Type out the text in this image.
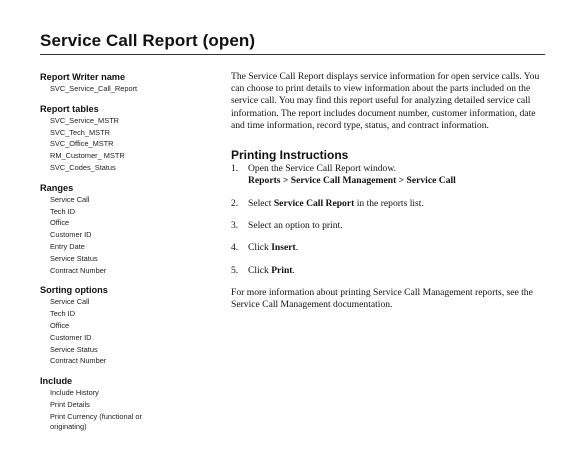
Service Call Report (open)
Report Writer name
SVC_Service_Call_Report
Report tables
SVC_Service_MSTR
SVC_Tech_MSTR
SVC_Office_MSTR
RM_Customer_ MSTR
SVC_Codes_Status
Ranges
Service Call
Tech ID
Office
Customer ID
Entry Date
Service Status
Contract Number
Sorting options
Service Call
Tech ID
Office
Customer ID
Service Status
Contract Number
Include
Include History
Print Details
Print Currency (functional or originating)

The Service Call Report displays service information for open service calls. You can choose to print details to view information about the parts included on the service call. You may find this report useful for analyzing detailed service call information. The report includes document number, customer information, date and time information, record type, status, and contract information.

Printing Instructions
1.	Open the Service Call Report window.
Reports > Service Call Management > Service Call
2.	Select Service Call Report in the reports list.
3.	Select an option to print.
4.	Click Insert.
5.	Click Print.
For more information about printing Service Call Management reports, see the Service Call Management documentation.
